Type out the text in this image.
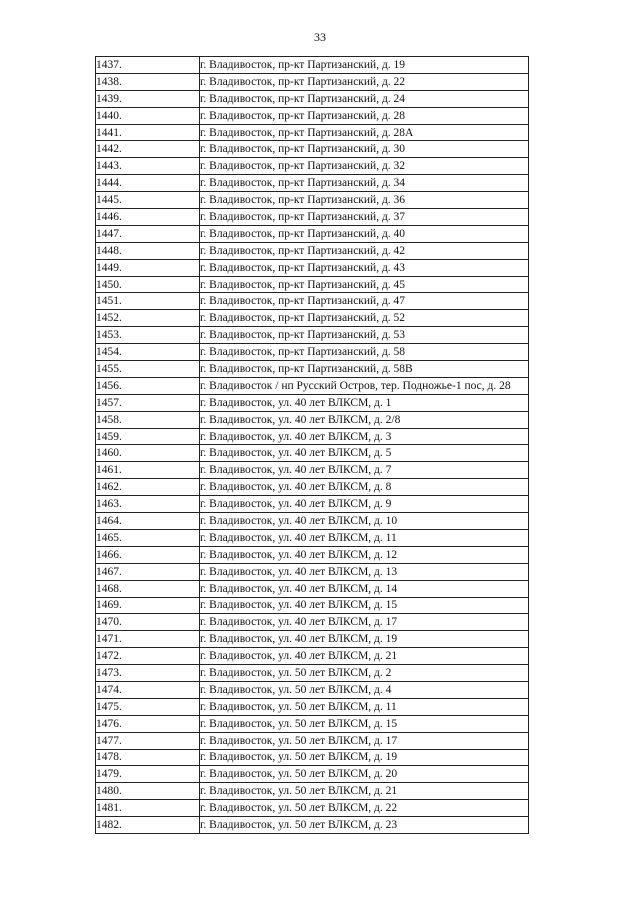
33
1437.	г. Владивосток, пр-кт Партизанский, д. 19
1438.	г. Владивосток, пр-кт Партизанский, д. 22
1439.	г. Владивосток, пр-кт Партизанский, д. 24
1440.	г. Владивосток, пр-кт Партизанский, д. 28
1441.	г. Владивосток, пр-кт Партизанский, д. 28А
1442.	г. Владивосток, пр-кт Партизанский, д. 30
1443.	г. Владивосток, пр-кт Партизанский, д. 32
1444.	г. Владивосток, пр-кт Партизанский, д. 34
1445.	г. Владивосток, пр-кт Партизанский, д. 36
1446.	г. Владивосток, пр-кт Партизанский, д. 37
1447.	г. Владивосток, пр-кт Партизанский, д. 40
1448.	г. Владивосток, пр-кт Партизанский, д. 42
1449.	г. Владивосток, пр-кт Партизанский, д. 43
1450.	г. Владивосток, пр-кт Партизанский, д. 45
1451.	г. Владивосток, пр-кт Партизанский, д. 47
1452.	г. Владивосток, пр-кт Партизанский, д. 52
1453.	г. Владивосток, пр-кт Партизанский, д. 53
1454.	г. Владивосток, пр-кт Партизанский, д. 58
1455.	г. Владивосток, пр-кт Партизанский, д. 58В
1456.	г. Владивосток / нп Русский Остров, тер. Подножье-1 пос, д. 28
1457.	г. Владивосток, ул. 40 лет ВЛКСМ, д. 1
1458.	г. Владивосток, ул. 40 лет ВЛКСМ, д. 2/8
1459.	г. Владивосток, ул. 40 лет ВЛКСМ, д. 3
1460.	г. Владивосток, ул. 40 лет ВЛКСМ, д. 5
1461.	г. Владивосток, ул. 40 лет ВЛКСМ, д. 7
1462.	г. Владивосток, ул. 40 лет ВЛКСМ, д. 8
1463.	г. Владивосток, ул. 40 лет ВЛКСМ, д. 9
1464.	г. Владивосток, ул. 40 лет ВЛКСМ, д. 10
1465.	г. Владивосток, ул. 40 лет ВЛКСМ, д. 11
1466.	г. Владивосток, ул. 40 лет ВЛКСМ, д. 12
1467.	г. Владивосток, ул. 40 лет ВЛКСМ, д. 13
1468.	г. Владивосток, ул. 40 лет ВЛКСМ, д. 14
1469.	г. Владивосток, ул. 40 лет ВЛКСМ, д. 15
1470.	г. Владивосток, ул. 40 лет ВЛКСМ, д. 17
1471.	г. Владивосток, ул. 40 лет ВЛКСМ, д. 19
1472.	г. Владивосток, ул. 40 лет ВЛКСМ, д. 21
1473.	г. Владивосток, ул. 50 лет ВЛКСМ, д. 2
1474.	г. Владивосток, ул. 50 лет ВЛКСМ, д. 4
1475.	г. Владивосток, ул. 50 лет ВЛКСМ, д. 11
1476.	г. Владивосток, ул. 50 лет ВЛКСМ, д. 15
1477.	г. Владивосток, ул. 50 лет ВЛКСМ, д. 17
1478.	г. Владивосток, ул. 50 лет ВЛКСМ, д. 19
1479.	г. Владивосток, ул. 50 лет ВЛКСМ, д. 20
1480.	г. Владивосток, ул. 50 лет ВЛКСМ, д. 21
1481.	г. Владивосток, ул. 50 лет ВЛКСМ, д. 22
1482.	г. Владивосток, ул. 50 лет ВЛКСМ, д. 23
